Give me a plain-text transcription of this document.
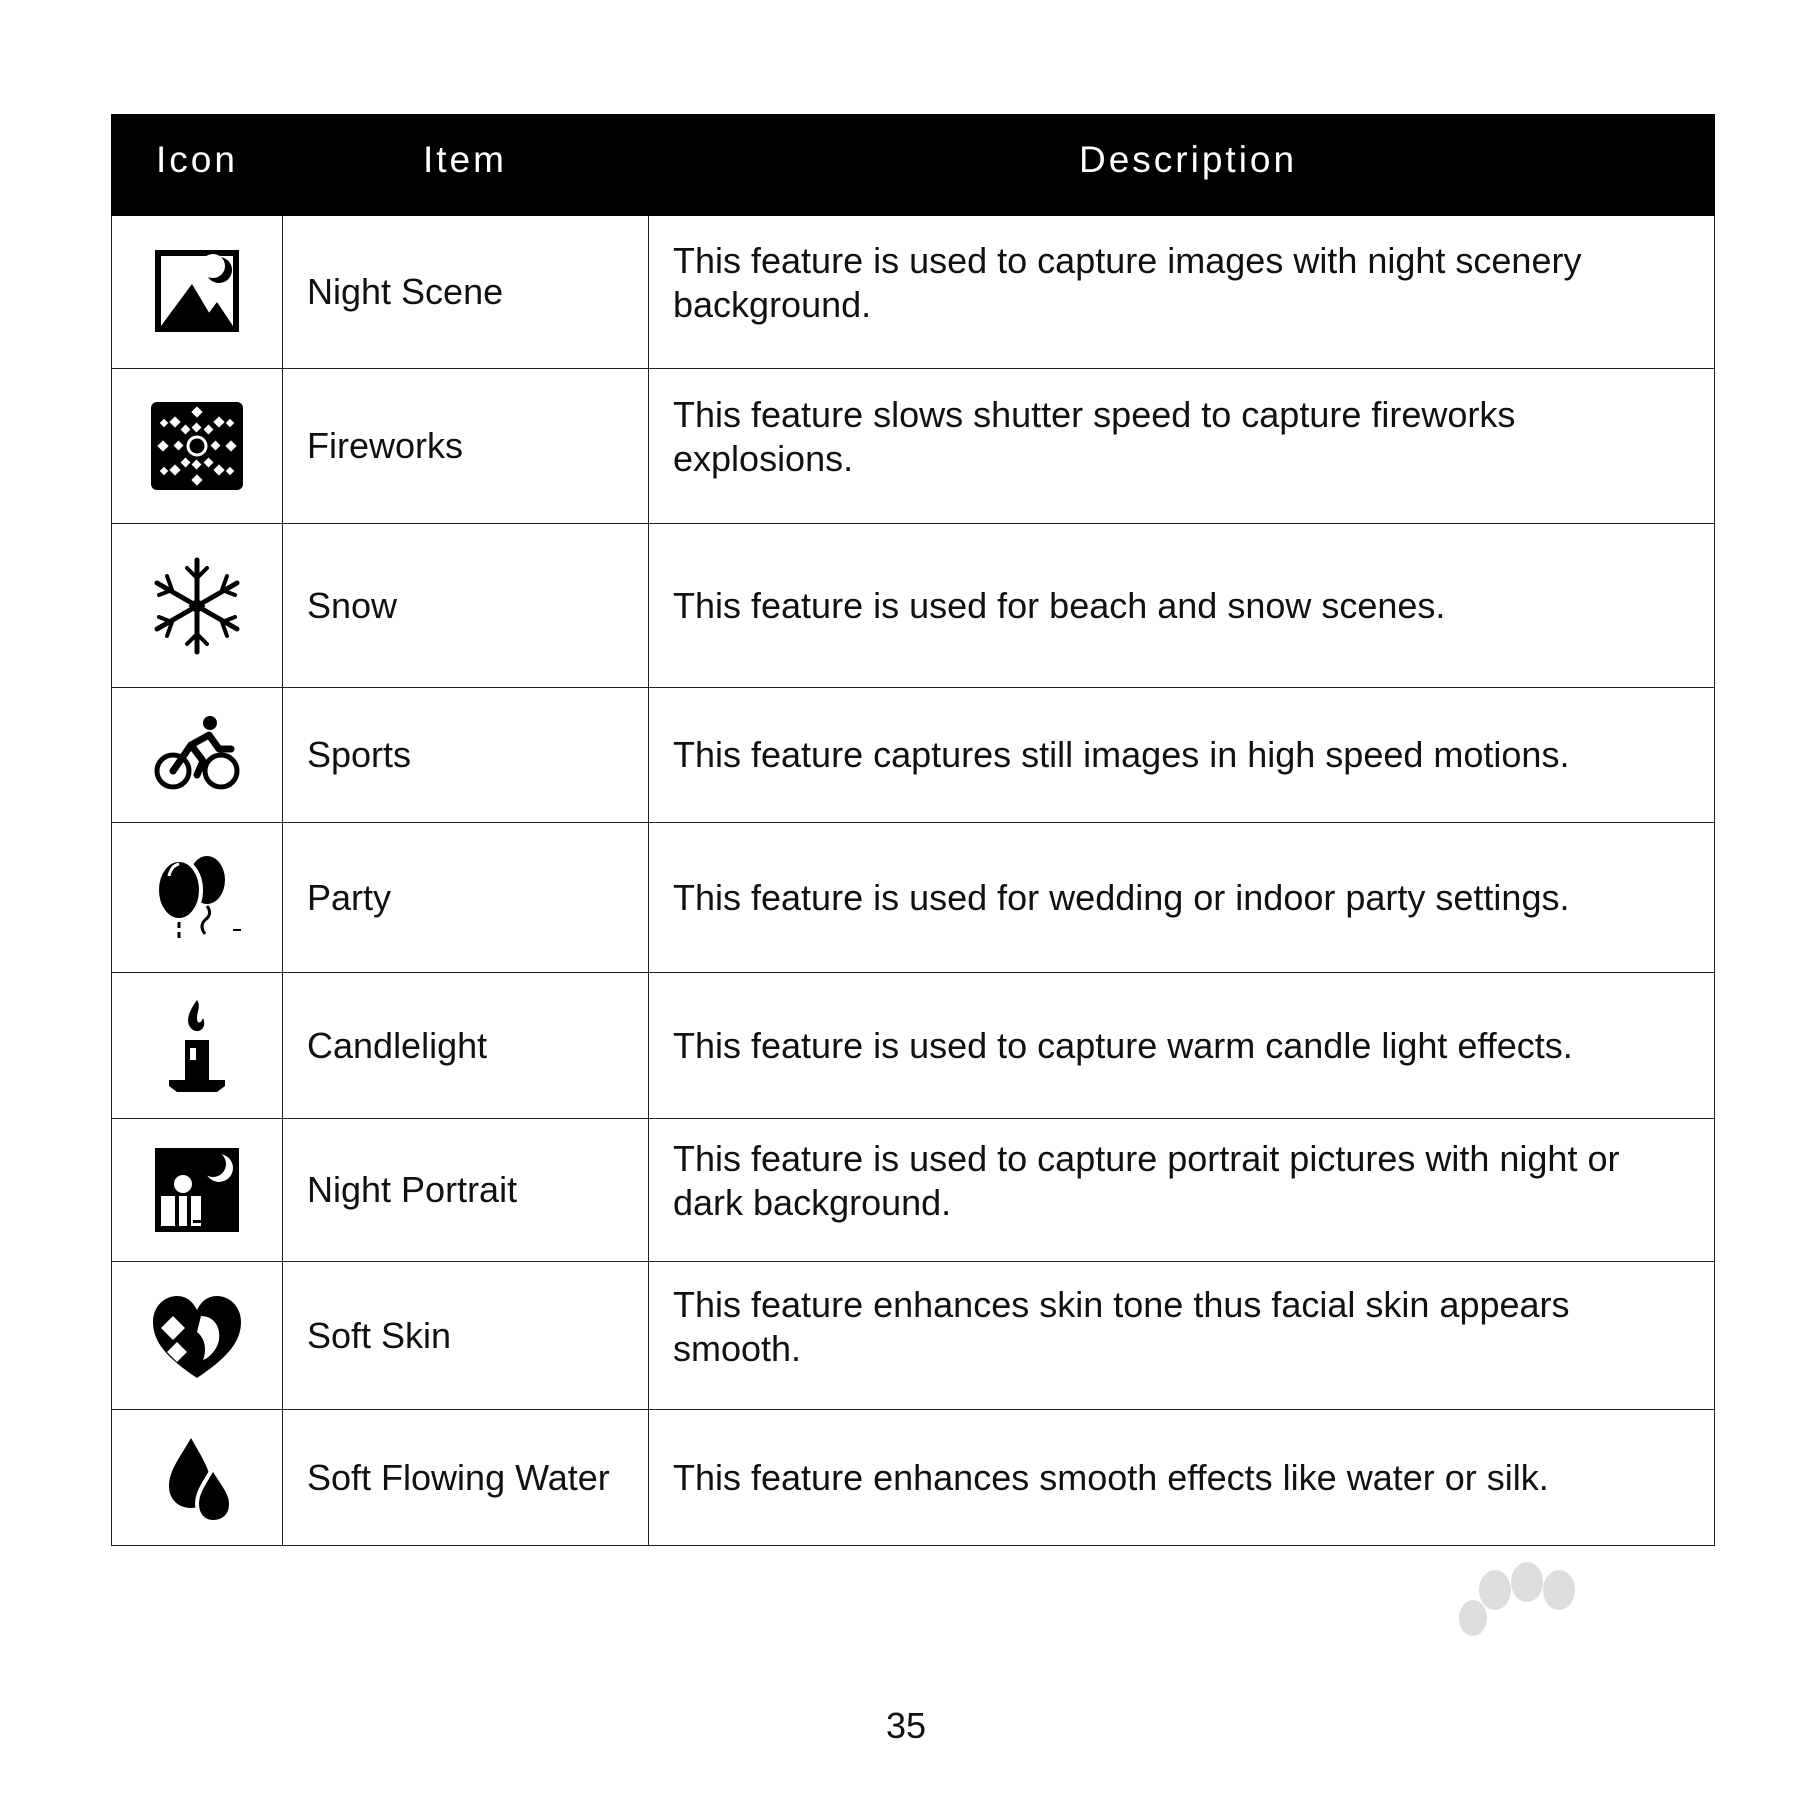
Icon	Item	Description

Night Scene	This feature is used to capture images with night scenery background.

Fireworks	This feature slows shutter speed to capture fireworks explosions.

Snow	This feature is used for beach and snow scenes.

Sports	This feature captures still images in high speed motions.

Party	This feature is used for wedding or indoor party settings.

Candlelight	This feature is used to capture warm candle light effects.

Night Portrait	This feature is used to capture portrait pictures with night or dark background.

Soft Skin	This feature enhances skin tone thus facial skin appears smooth.

Soft Flowing Water	This feature enhances smooth effects like water or silk.
35
